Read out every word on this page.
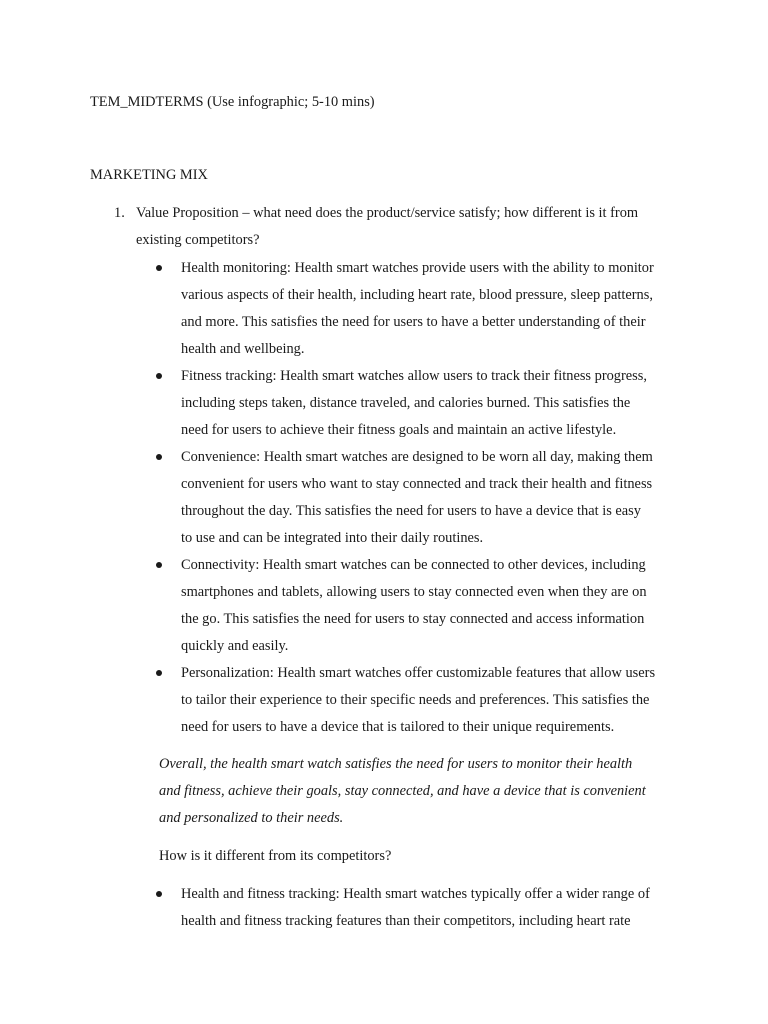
TEM_MIDTERMS (Use infographic; 5-10 mins)
MARKETING MIX
1. Value Proposition – what need does the product/service satisfy; how different is it from
existing competitors?
Health monitoring: Health smart watches provide users with the ability to monitor
various aspects of their health, including heart rate, blood pressure, sleep patterns,
and more. This satisfies the need for users to have a better understanding of their
health and wellbeing.
Fitness tracking: Health smart watches allow users to track their fitness progress,
including steps taken, distance traveled, and calories burned. This satisfies the
need for users to achieve their fitness goals and maintain an active lifestyle.
Convenience: Health smart watches are designed to be worn all day, making them
convenient for users who want to stay connected and track their health and fitness
throughout the day. This satisfies the need for users to have a device that is easy
to use and can be integrated into their daily routines.
Connectivity: Health smart watches can be connected to other devices, including
smartphones and tablets, allowing users to stay connected even when they are on
the go. This satisfies the need for users to stay connected and access information
quickly and easily.
Personalization: Health smart watches offer customizable features that allow users
to tailor their experience to their specific needs and preferences. This satisfies the
need for users to have a device that is tailored to their unique requirements.
Overall, the health smart watch satisfies the need for users to monitor their health
and fitness, achieve their goals, stay connected, and have a device that is convenient
and personalized to their needs.
How is it different from its competitors?
Health and fitness tracking: Health smart watches typically offer a wider range of
health and fitness tracking features than their competitors, including heart rate
